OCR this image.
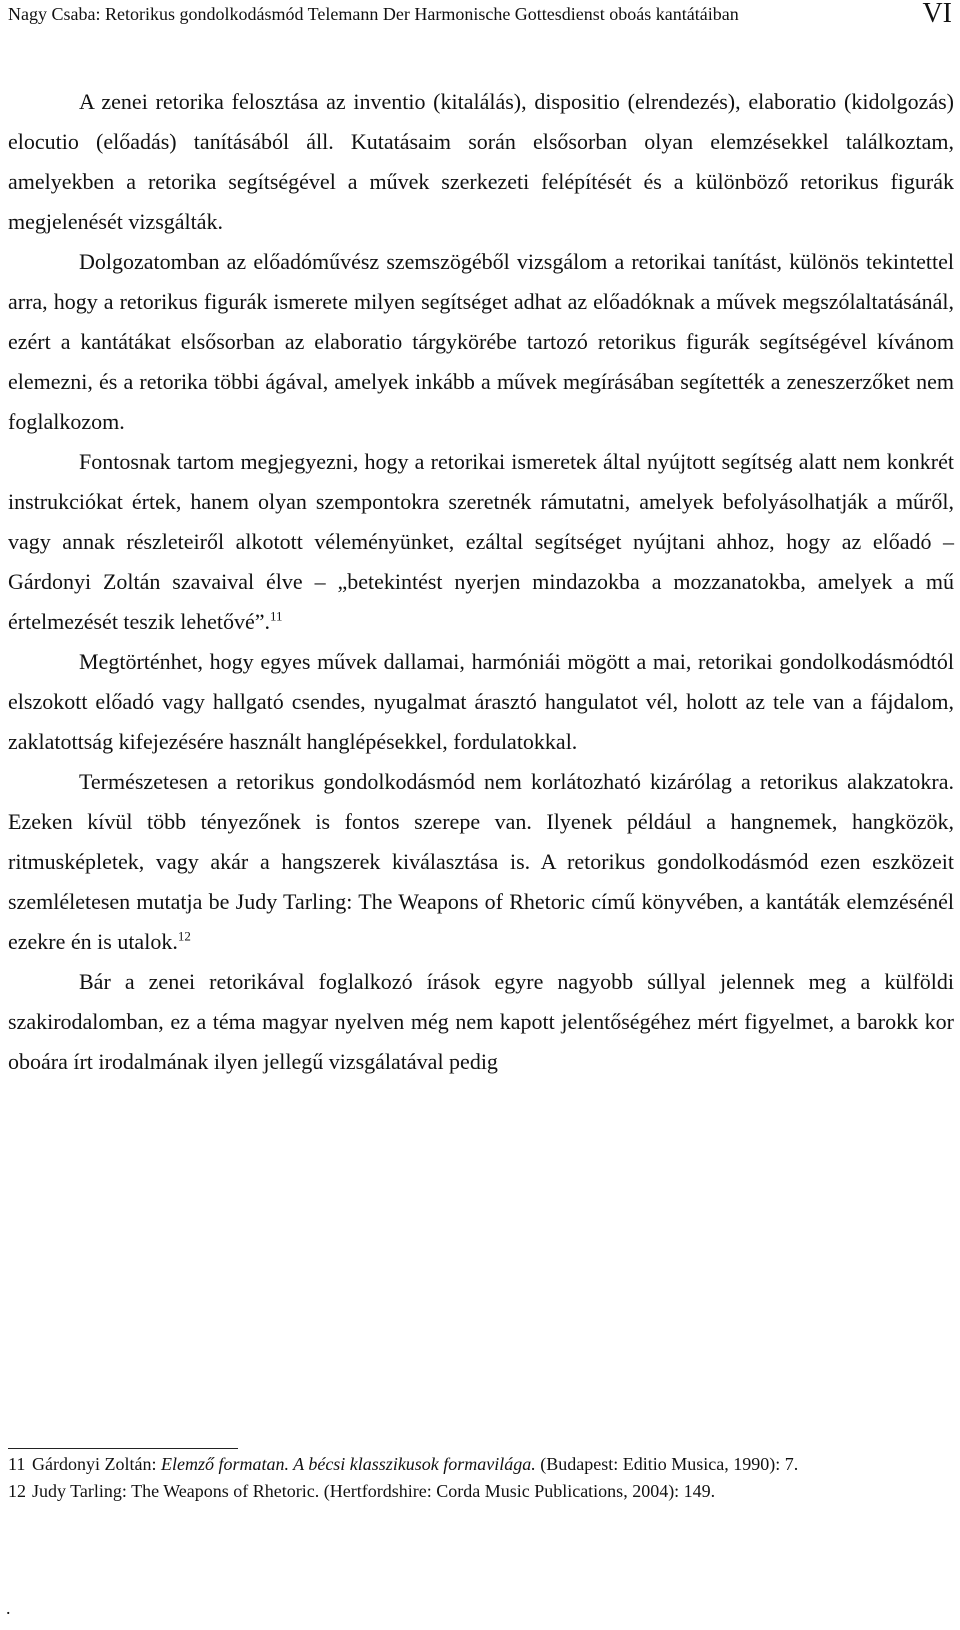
Nagy Csaba: Retorikus gondolkodásmód Telemann Der Harmonische Gottesdienst oboás kantátáiban	VI

A zenei retorika felosztása az inventio (kitalálás), dispositio (elrendezés), elaboratio (kidolgozás) elocutio (előadás) tanításából áll. Kutatásaim során elsősorban olyan elemzésekkel találkoztam, amelyekben a retorika segítségével a művek szerkezeti felépítését és a különböző retorikus figurák megjelenését vizsgálták.

Dolgozatomban az előadóművész szemszögéből vizsgálom a retorikai tanítást, különös tekintettel arra, hogy a retorikus figurák ismerete milyen segítséget adhat az előadóknak a művek megszólaltatásánál, ezért a kantátákat elsősorban az elaboratio tárgykörébe tartozó retorikus figurák segítségével kívánom elemezni, és a retorika többi ágával, amelyek inkább a művek megírásában segítették a zeneszerzőket nem foglalkozom.

Fontosnak tartom megjegyezni, hogy a retorikai ismeretek által nyújtott segítség alatt nem konkrét instrukciókat értek, hanem olyan szempontokra szeretnék rámutatni, amelyek befolyásolhatják a műről, vagy annak részleteiről alkotott véleményünket, ezáltal segítséget nyújtani ahhoz, hogy az előadó – Gárdonyi Zoltán szavaival élve – „betekintést nyerjen mindazokba a mozzanatokba, amelyek a mű értelmezését teszik lehetővé”.$^{11}$

Megtörténhet, hogy egyes művek dallamai, harmóniái mögött a mai, retorikai gondolkodásmódtól elszokott előadó vagy hallgató csendes, nyugalmat árasztó hangulatot vél, holott az tele van a fájdalom, zaklatottság kifejezésére használt hanglépésekkel, fordulatokkal.

Természetesen a retorikus gondolkodásmód nem korlátozható kizárólag a retorikus alakzatokra. Ezeken kívül több tényezőnek is fontos szerepe van. Ilyenek például a hangnemek, hangközök, ritmusképletek, vagy akár a hangszerek kiválasztása is. A retorikus gondolkodásmód ezen eszközeit szemléletesen mutatja be Judy Tarling: The Weapons of Rhetoric című könyvében, a kantáták elemzésénél ezekre én is utalok.$^{12}$

Bár a zenei retorikával foglalkozó írások egyre nagyobb súllyal jelennek meg a külföldi szakirodalomban, ez a téma magyar nyelven még nem kapott jelentőségéhez mért figyelmet, a barokk kor oboára írt irodalmának ilyen jellegű vizsgálatával pedig

11 Gárdonyi Zoltán: Elemző formatan. A bécsi klasszikusok formavilága. (Budapest: Editio Musica, 1990): 7.
12 Judy Tarling: The Weapons of Rhetoric. (Hertfordshire: Corda Music Publications, 2004): 149.
.
